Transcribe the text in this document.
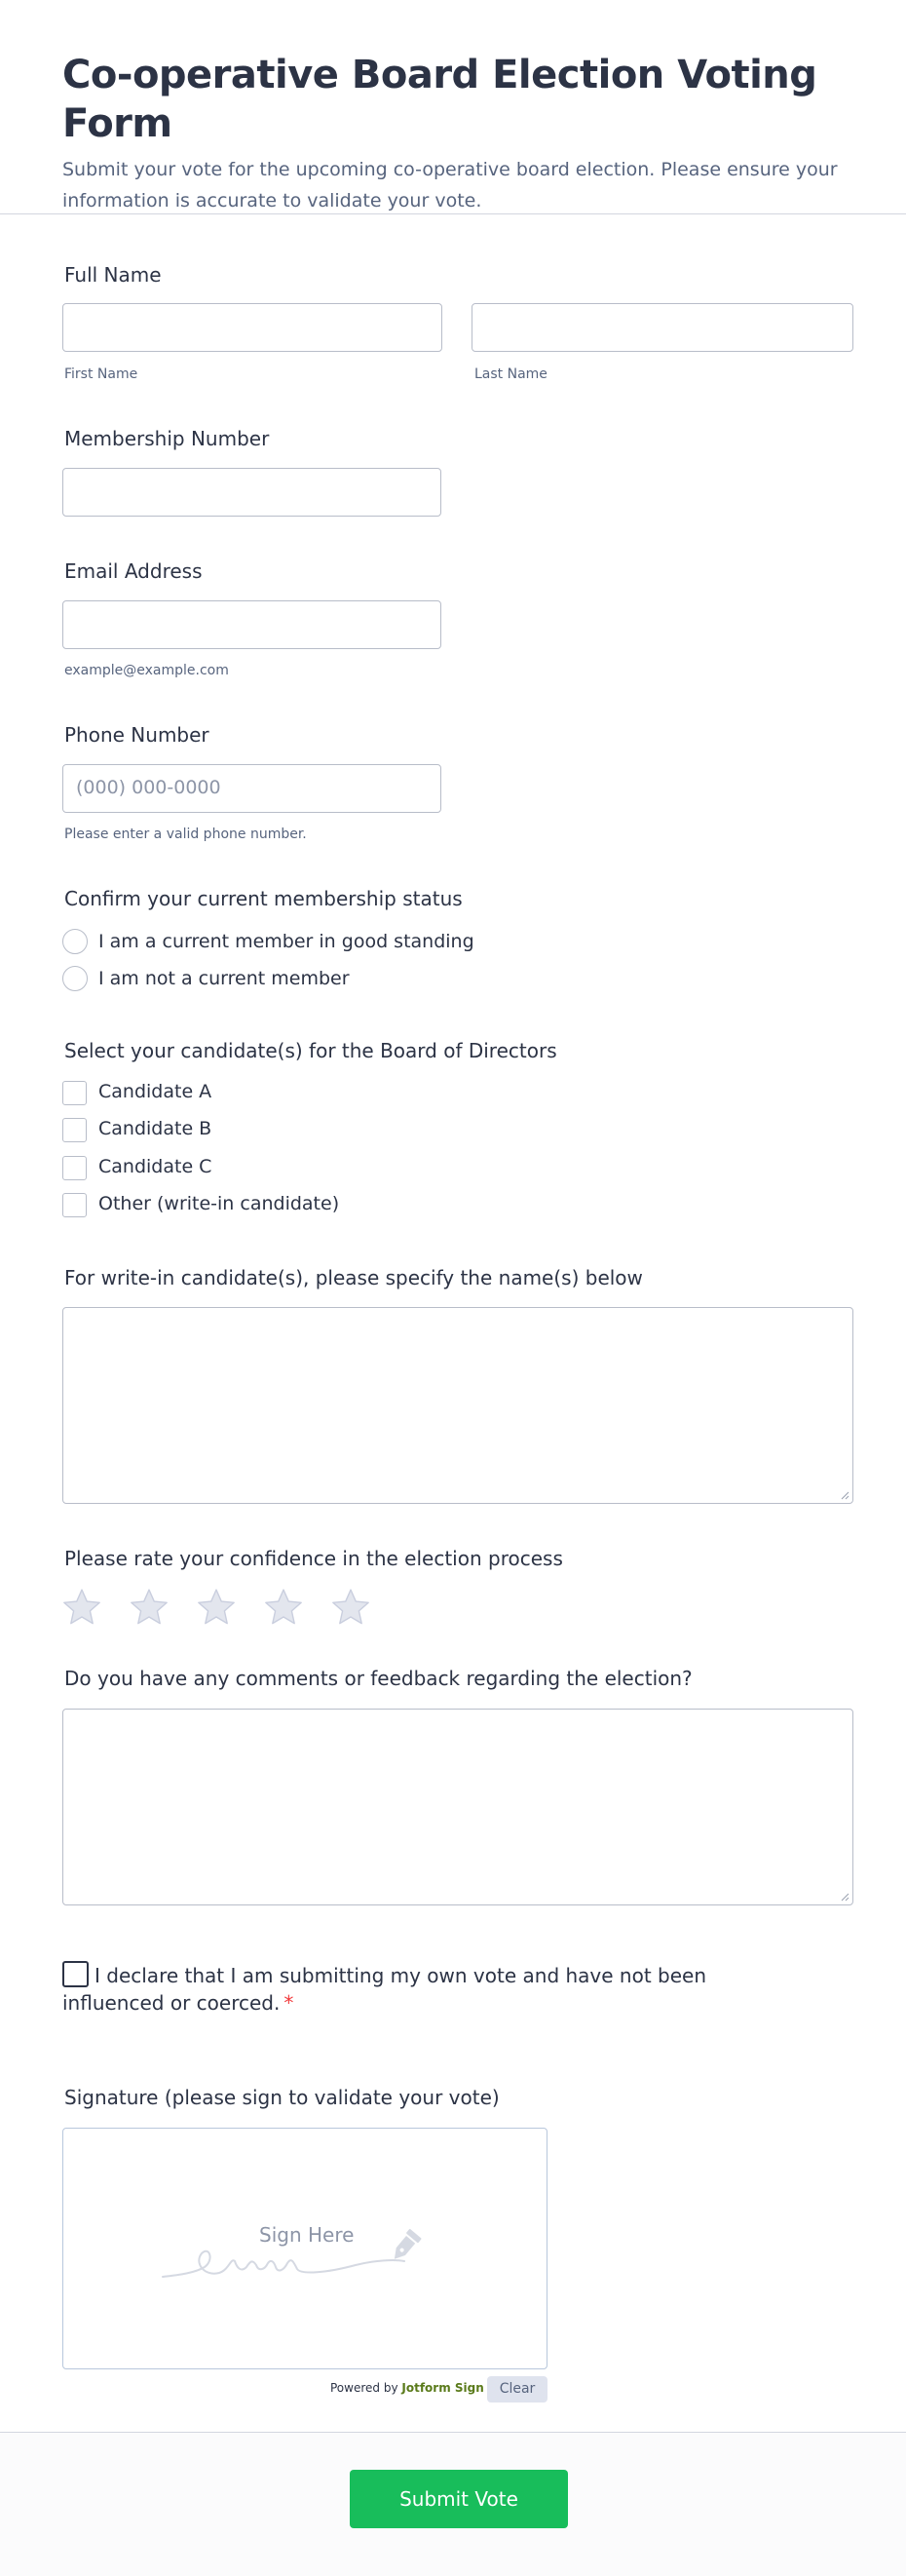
Co-operative Board Election Voting Form
Submit your vote for the upcoming co-operative board election. Please ensure your information is accurate to validate your vote.
Full Name
First Name	Last Name
Membership Number
Email Address
example@example.com
Phone Number
(000) 000-0000
Please enter a valid phone number.
Confirm your current membership status
I am a current member in good standing
I am not a current member
Select your candidate(s) for the Board of Directors
Candidate A
Candidate B
Candidate C
Other (write-in candidate)
For write-in candidate(s), please specify the name(s) below
Please rate your confidence in the election process
Do you have any comments or feedback regarding the election?
I declare that I am submitting my own vote and have not been influenced or coerced. *
Signature (please sign to validate your vote)
Sign Here
Powered by Jotform Sign	Clear
Submit Vote
